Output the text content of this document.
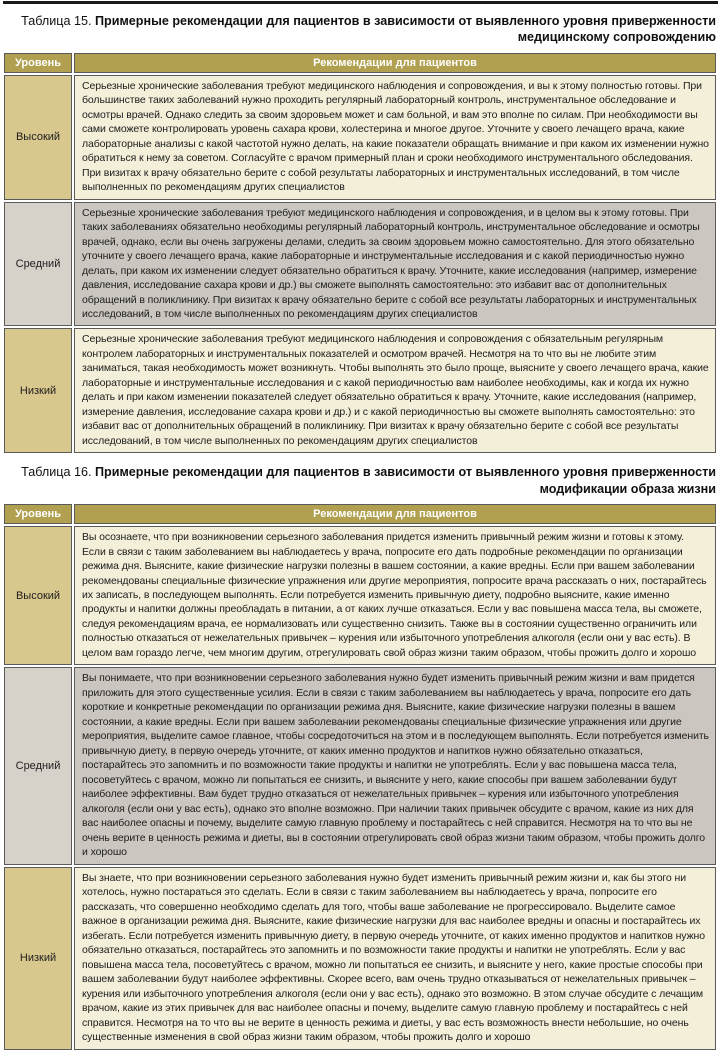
Таблица 15. Примерные рекомендации для пациентов в зависимости от выявленного уровня приверженности медицинскому сопровождению
Уровень	Рекомендации для пациентов
Высокий	Серьезные хронические заболевания требуют медицинского наблюдения и сопровождения, и вы к этому полностью готовы. При большинстве таких заболеваний нужно проходить регулярный лабораторный контроль, инструментальное обследование и осмотры врачей. Однако следить за своим здоровьем может и сам больной, и вам это вполне по силам. При необходимости вы сами сможете контролировать уровень сахара крови, холестерина и многое другое. Уточните у своего лечащего врача, какие лабораторные анализы с какой частотой нужно делать, на какие показатели обращать внимание и при каком их изменении нужно обратиться к нему за советом. Согласуйте с врачом примерный план и сроки необходимого инструментального обследования. При визитах к врачу обязательно берите с собой результаты лабораторных и инструментальных исследований, в том числе выполненных по рекомендациям других специалистов
Средний	Серьезные хронические заболевания требуют медицинского наблюдения и сопровождения, и в целом вы к этому готовы. При таких заболеваниях обязательно необходимы регулярный лабораторный контроль, инструментальное обследование и осмотры врачей, однако, если вы очень загружены делами, следить за своим здоровьем можно самостоятельно. Для этого обязательно уточните у своего лечащего врача, какие лабораторные и инструментальные исследования и с какой периодичностью нужно делать, при каком их изменении следует обязательно обратиться к врачу. Уточните, какие исследования (например, измерение давления, исследование сахара крови и др.) вы сможете выполнять самостоятельно: это избавит вас от дополнительных обращений в поликлинику. При визитах к врачу обязательно берите с собой все результаты лабораторных и инструментальных исследований, в том числе выполненных по рекомендациям других специалистов
Низкий	Серьезные хронические заболевания требуют медицинского наблюдения и сопровождения с обязательным регулярным контролем лабораторных и инструментальных показателей и осмотром врачей. Несмотря на то что вы не любите этим заниматься, такая необходимость может возникнуть. Чтобы выполнять это было проще, выясните у своего лечащего врача, какие лабораторные и инструментальные исследования и с какой периодичностью вам наиболее необходимы, как и когда их нужно делать и при каком изменении показателей следует обязательно обратиться к врачу. Уточните, какие исследования (например, измерение давления, исследование сахара крови и др.) и с какой периодичностью вы сможете выполнять самостоятельно: это избавит вас от дополнительных обращений в поликлинику. При визитах к врачу обязательно берите с собой все результаты исследований, в том числе выполненных по рекомендациям других специалистов
Таблица 16. Примерные рекомендации для пациентов в зависимости от выявленного уровня приверженности модификации образа жизни
Уровень	Рекомендации для пациентов
Высокий	Вы осознаете, что при возникновении серьезного заболевания придется изменить привычный режим жизни и готовы к этому. Если в связи с таким заболеванием вы наблюдаетесь у врача, попросите его дать подробные рекомендации по организации режима дня. Выясните, какие физические нагрузки полезны в вашем состоянии, а какие вредны. Если при вашем заболевании рекомендованы специальные физические упражнения или другие мероприятия, попросите врача рассказать о них, постарайтесь их записать, в последующем выполнять. Если потребуется изменить привычную диету, подробно выясните, какие именно продукты и напитки должны преобладать в питании, а от каких лучше отказаться. Если у вас повышена масса тела, вы сможете, следуя рекомендациям врача, ее нормализовать или существенно снизить. Также вы в состоянии существенно ограничить или полностью отказаться от нежелательных привычек – курения или избыточного употребления алкоголя (если они у вас есть). В целом вам гораздо легче, чем многим другим, отрегулировать свой образ жизни таким образом, чтобы прожить долго и хорошо
Средний	Вы понимаете, что при возникновении серьезного заболевания нужно будет изменить привычный режим жизни и вам придется приложить для этого существенные усилия. Если в связи с таким заболеванием вы наблюдаетесь у врача, попросите его дать короткие и конкретные рекомендации по организации режима дня. Выясните, какие физические нагрузки полезны в вашем состоянии, а какие вредны. Если при вашем заболевании рекомендованы специальные физические упражнения или другие мероприятия, выделите самое главное, чтобы сосредоточиться на этом и в последующем выполнять. Если потребуется изменить привычную диету, в первую очередь уточните, от каких именно продуктов и напитков нужно обязательно отказаться, постарайтесь это запомнить и по возможности такие продукты и напитки не употреблять. Если у вас повышена масса тела, посоветуйтесь с врачом, можно ли попытаться ее снизить, и выясните у него, какие способы при вашем заболевании будут наиболее эффективны. Вам будет трудно отказаться от нежелательных привычек – курения или избыточного употребления алкоголя (если они у вас есть), однако это вполне возможно. При наличии таких привычек обсудите с врачом, какие из них для вас наиболее опасны и почему, выделите самую главную проблему и постарайтесь с ней справится. Несмотря на то что вы не очень верите в ценность режима и диеты, вы в состоянии отрегулировать свой образ жизни таким образом, чтобы прожить долго и хорошо
Низкий	Вы знаете, что при возникновении серьезного заболевания нужно будет изменить привычный режим жизни и, как бы этого ни хотелось, нужно постараться это сделать. Если в связи с таким заболеванием вы наблюдаетесь у врача, попросите его рассказать, что совершенно необходимо сделать для того, чтобы ваше заболевание не прогрессировало. Выделите самое важное в организации режима дня. Выясните, какие физические нагрузки для вас наиболее вредны и опасны и постарайтесь их избегать. Если потребуется изменить привычную диету, в первую очередь уточните, от каких именно продуктов и напитков нужно обязательно отказаться, постарайтесь это запомнить и по возможности такие продукты и напитки не употреблять. Если у вас повышена масса тела, посоветуйтесь с врачом, можно ли попытаться ее снизить, и выясните у него, какие простые способы при вашем заболевании будут наиболее эффективны. Скорее всего, вам очень трудно отказываться от нежелательных привычек – курения или избыточного употребления алкоголя (если они у вас есть), однако это возможно. В этом случае обсудите с лечащим врачом, какие из этих привычек для вас наиболее опасны и почему, выделите самую главную проблему и постарайтесь с ней справится. Несмотря на то что вы не верите в ценность режима и диеты, у вас есть возможность внести небольшие, но очень существенные изменения в свой образ жизни таким образом, чтобы прожить долго и хорошо
